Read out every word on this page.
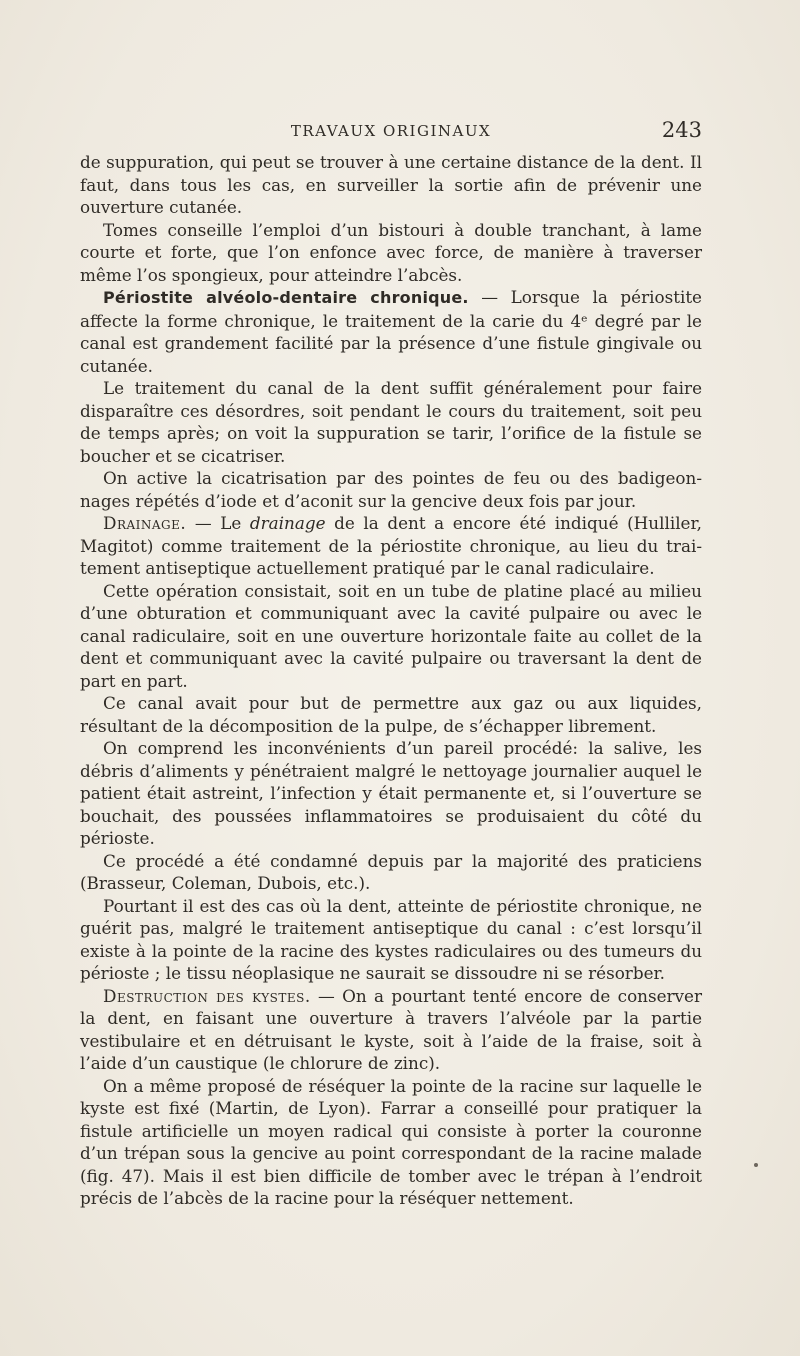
TRAVAUX ORIGINAUX	243

de suppuration, qui peut se trouver à une certaine distance de la dent. Il faut, dans tous les cas, en surveiller la sortie afin de prévenir une ouverture cutanée.

Tomes conseille l’emploi d’un bistouri à double tranchant, à lame courte et forte, que l’on enfonce avec force, de manière à traverser même l’os spongieux, pour atteindre l’abcès.

Périostite alvéolo-dentaire chronique. — Lorsque la périostite affecte la forme chronique, le traitement de la carie du 4ᵉ degré par le canal est grandement facilité par la présence d’une fistule gingivale ou cutanée.

Le traitement du canal de la dent suffit généralement pour faire disparaître ces désordres, soit pendant le cours du traitement, soit peu de temps après; on voit la suppuration se tarir, l’orifice de la fistule se boucher et se cicatriser.

On active la cicatrisation par des pointes de feu ou des badigeonnages répétés d’iode et d’aconit sur la gencive deux fois par jour.

Drainage. — Le drainage de la dent a encore été indiqué (Hulliler, Magitot) comme traitement de la périostite chronique, au lieu du traitement antiseptique actuellement pratiqué par le canal radiculaire.

Cette opération consistait, soit en un tube de platine placé au milieu d’une obturation et communiquant avec la cavité pulpaire ou avec le canal radiculaire, soit en une ouverture horizontale faite au collet de la dent et communiquant avec la cavité pulpaire ou traversant la dent de part en part.

Ce canal avait pour but de permettre aux gaz ou aux liquides, résultant de la décomposition de la pulpe, de s’échapper librement.

On comprend les inconvénients d’un pareil procédé: la salive, les débris d’aliments y pénétraient malgré le nettoyage journalier auquel le patient était astreint, l’infection y était permanente et, si l’ouverture se bouchait, des poussées inflammatoires se produisaient du côté du périoste.

Ce procédé a été condamné depuis par la majorité des praticiens (Brasseur, Coleman, Dubois, etc.).

Pourtant il est des cas où la dent, atteinte de périostite chronique, ne guérit pas, malgré le traitement antiseptique du canal : c’est lorsqu’il existe à la pointe de la racine des kystes radiculaires ou des tumeurs du périoste ; le tissu néoplasique ne saurait se dissoudre ni se résorber.

Destruction des kystes. — On a pourtant tenté encore de conserver la dent, en faisant une ouverture à travers l’alvéole par la partie vestibulaire et en détruisant le kyste, soit à l’aide de la fraise, soit à l’aide d’un caustique (le chlorure de zinc).

On a même proposé de réséquer la pointe de la racine sur laquelle le kyste est fixé (Martin, de Lyon). Farrar a conseillé pour pratiquer la fistule artificielle un moyen radical qui consiste à porter la couronne d’un trépan sous la gencive au point correspondant de la racine malade (fig. 47). Mais il est bien difficile de tomber avec le trépan à l’endroit précis de l’abcès de la racine pour la réséquer nettement.
